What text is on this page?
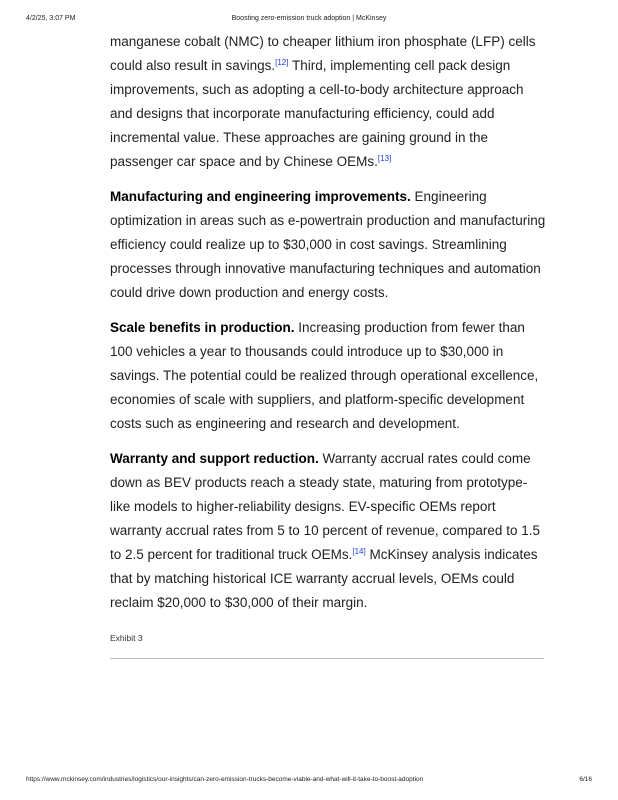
4/2/25, 3:07 PM	Boosting zero-emission truck adoption | McKinsey

manganese cobalt (NMC) to cheaper lithium iron phosphate (LFP) cells could also result in savings.[12] Third, implementing cell pack design improvements, such as adopting a cell-to-body architecture approach and designs that incorporate manufacturing efficiency, could add incremental value. These approaches are gaining ground in the passenger car space and by Chinese OEMs.[13]

Manufacturing and engineering improvements. Engineering optimization in areas such as e-powertrain production and manufacturing efficiency could realize up to $30,000 in cost savings. Streamlining processes through innovative manufacturing techniques and automation could drive down production and energy costs.

Scale benefits in production. Increasing production from fewer than 100 vehicles a year to thousands could introduce up to $30,000 in savings. The potential could be realized through operational excellence, economies of scale with suppliers, and platform-specific development costs such as engineering and research and development.

Warranty and support reduction. Warranty accrual rates could come down as BEV products reach a steady state, maturing from prototype-like models to higher-reliability designs. EV-specific OEMs report warranty accrual rates from 5 to 10 percent of revenue, compared to 1.5 to 2.5 percent for traditional truck OEMs.[14] McKinsey analysis indicates that by matching historical ICE warranty accrual levels, OEMs could reclaim $20,000 to $30,000 of their margin.

Exhibit 3
https://www.mckinsey.com/industries/logistics/our-insights/can-zero-emission-trucks-become-viable-and-what-will-it-take-to-boost-adoption	6/16
